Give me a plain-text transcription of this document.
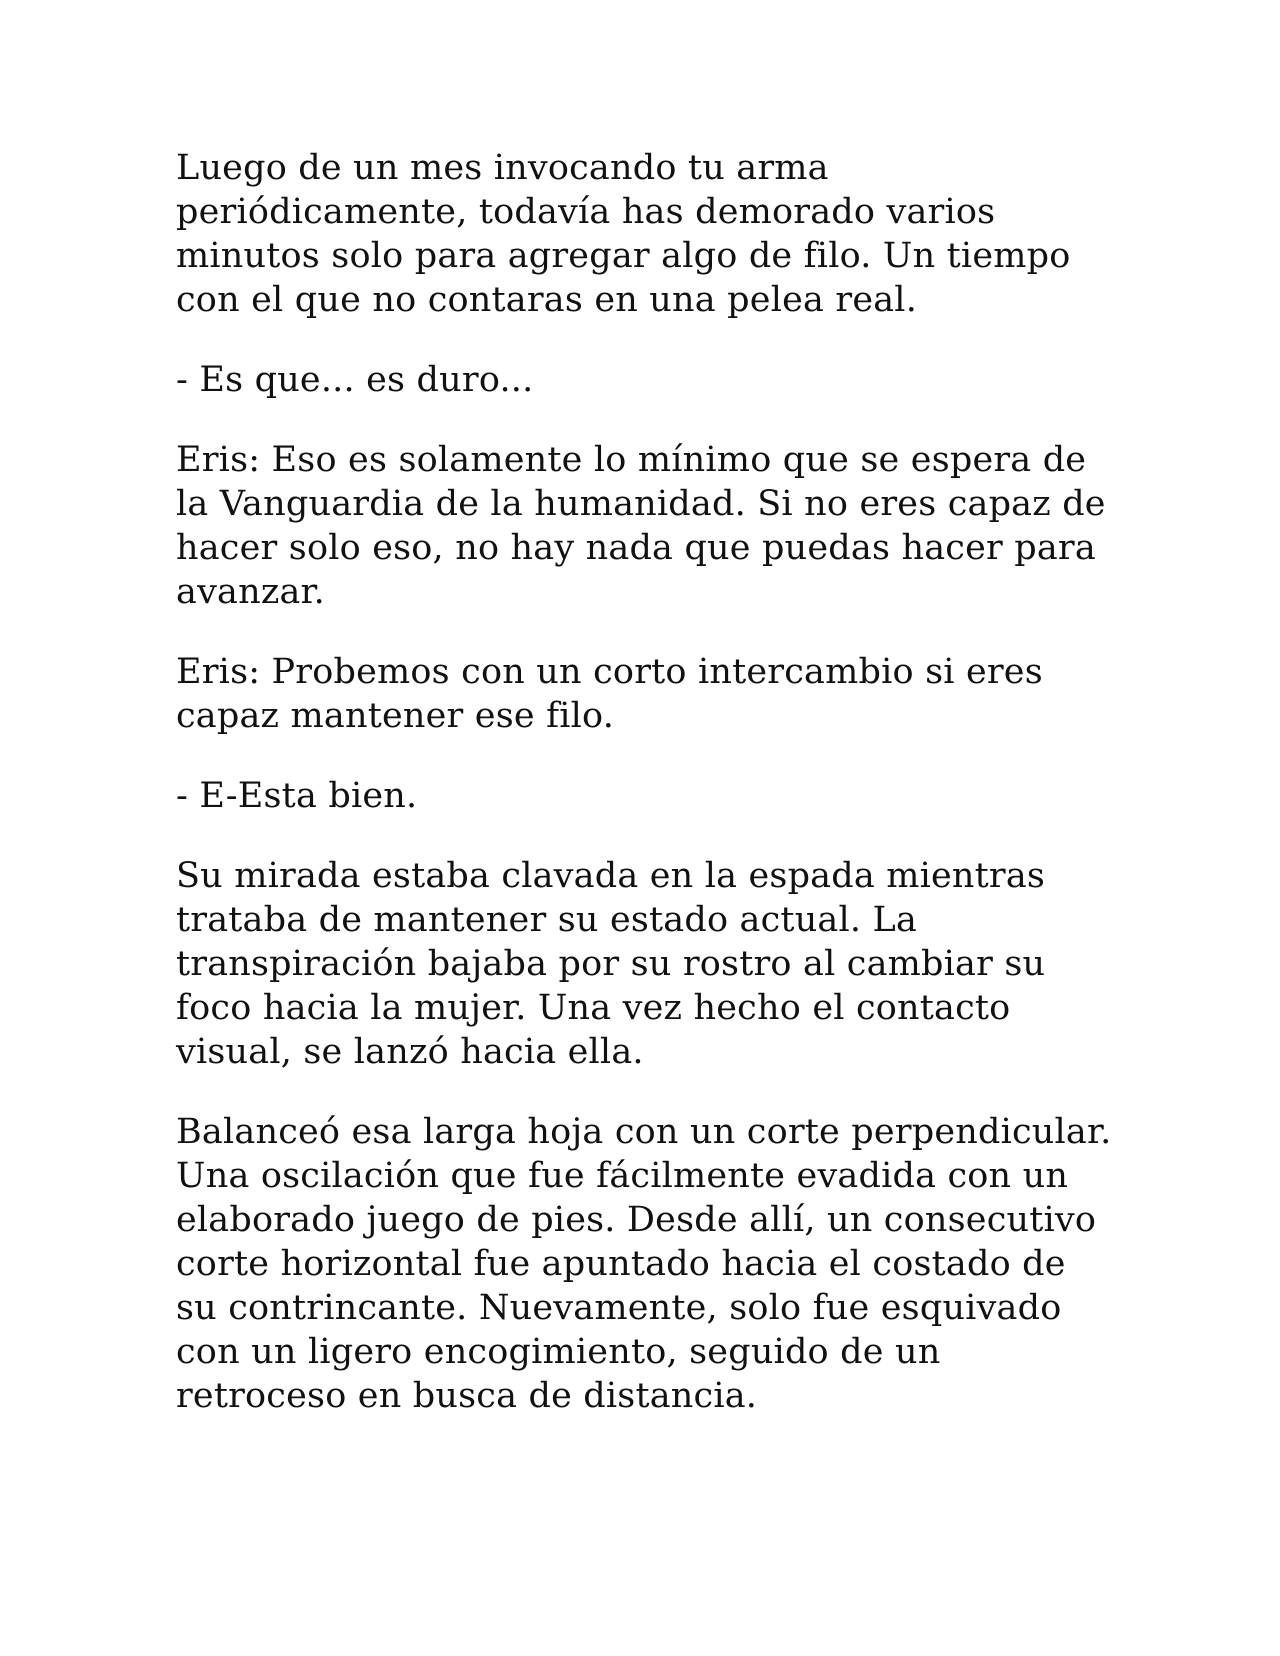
Luego de un mes invocando tu arma periódicamente, todavía has demorado varios minutos solo para agregar algo de filo. Un tiempo con el que no contaras en una pelea real.

- Es que... es duro...

Eris: Eso es solamente lo mínimo que se espera de la Vanguardia de la humanidad. Si no eres capaz de hacer solo eso, no hay nada que puedas hacer para avanzar.

Eris: Probemos con un corto intercambio si eres capaz mantener ese filo.

- E-Esta bien.

Su mirada estaba clavada en la espada mientras trataba de mantener su estado actual. La transpiración bajaba por su rostro al cambiar su foco hacia la mujer. Una vez hecho el contacto visual, se lanzó hacia ella.

Balanceó esa larga hoja con un corte perpendicular. Una oscilación que fue fácilmente evadida con un elaborado juego de pies. Desde allí, un consecutivo corte horizontal fue apuntado hacia el costado de su contrincante. Nuevamente, solo fue esquivado con un ligero encogimiento, seguido de un retroceso en busca de distancia.
